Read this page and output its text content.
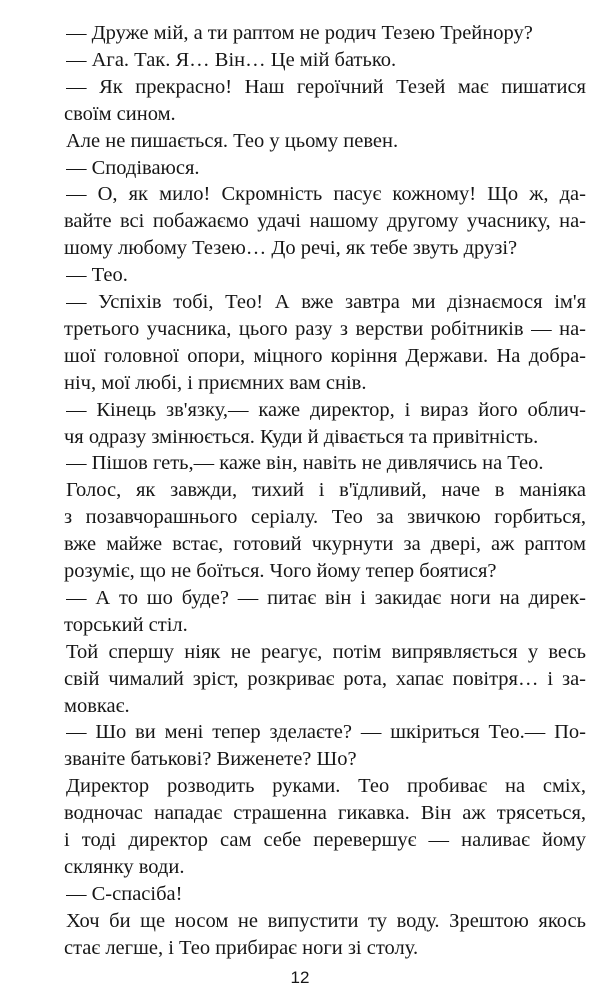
— Друже мій, а ти раптом не родич Тезею Трейнору?

— Ага. Так. Я… Він… Це мій батько.

— Як прекрасно! Наш героїчний Тезей має пишатися

своїм сином.

Але не пишається. Тео у цьому певен.

— Сподіваюся.

— О, як мило! Скромність пасує кожному! Що ж, да-

вайте всі побажаємо удачі нашому другому учаснику, на-

шому любому Тезею… До речі, як тебе звуть друзі?

— Тео.

— Успіхів тобі, Тео! А вже завтра ми дізнаємося ім'я

третього учасника, цього разу з верстви робітників — на-

шої головної опори, міцного коріння Держави. На добра-

ніч, мої любі, і приємних вам снів.

— Кінець зв'язку,— каже директор, і вираз його облич-

чя одразу змінюється. Куди й дівається та привітність.

— Пішов геть,— каже він, навіть не дивлячись на Тео.

Голос, як завжди, тихий і в'їдливий, наче в маніяка

з позавчорашнього серіалу. Тео за звичкою горбиться,

вже майже встає, готовий чкурнути за двері, аж раптом

розуміє, що не боїться. Чого йому тепер боятися?

— А то шо буде? — питає він і закидає ноги на дирек-

торський стіл.

Той спершу ніяк не реагує, потім випрявляється у весь

свій чималий зріст, розкриває рота, хапає повітря… і за-

мовкає.

— Шо ви мені тепер зделаєте? — шкіриться Тео.— По-

званіте батькові? Виженете? Шо?

Директор розводить руками. Тео пробиває на сміх,

водночас нападає страшенна гикавка. Він аж трясеться,

і тоді директор сам себе перевершує — наливає йому

склянку води.

— С-спасіба!

Хоч би ще носом не випустити ту воду. Зрештою якось

стає легше, і Тео прибирає ноги зі столу.

12
